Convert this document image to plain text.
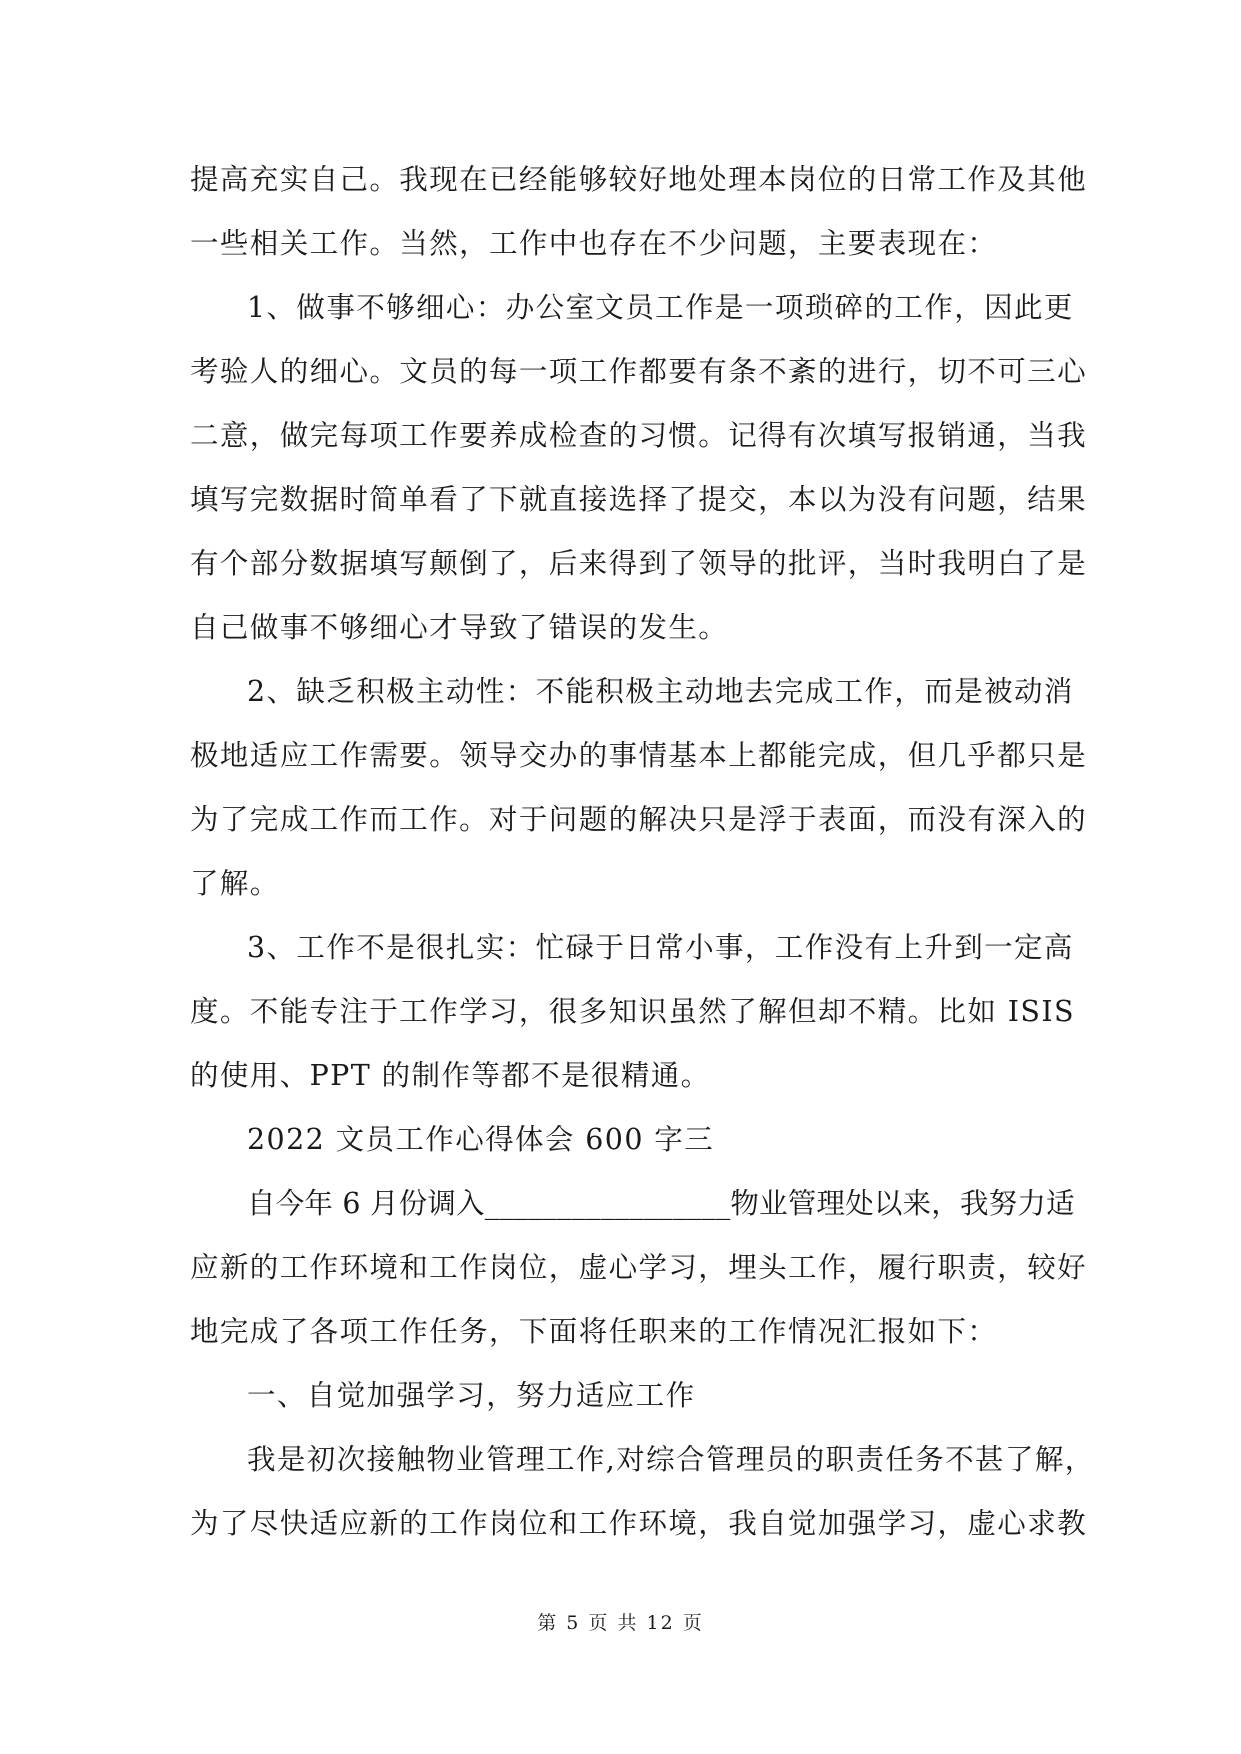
提高充实自己。我现在已经能够较好地处理本岗位的日常工作及其他
一些相关工作。当然，工作中也存在不少问题，主要表现在：
1、做事不够细心：办公室文员工作是一项琐碎的工作，因此更
考验人的细心。文员的每一项工作都要有条不紊的进行，切不可三心
二意，做完每项工作要养成检查的习惯。记得有次填写报销通，当我
填写完数据时简单看了下就直接选择了提交，本以为没有问题，结果
有个部分数据填写颠倒了，后来得到了领导的批评，当时我明白了是
自己做事不够细心才导致了错误的发生。
2、缺乏积极主动性：不能积极主动地去完成工作，而是被动消
极地适应工作需要。领导交办的事情基本上都能完成，但几乎都只是
为了完成工作而工作。对于问题的解决只是浮于表面，而没有深入的
了解。
3、工作不是很扎实：忙碌于日常小事，工作没有上升到一定高
度。不能专注于工作学习，很多知识虽然了解但却不精。比如 ISIS
的使用、PPT 的制作等都不是很精通。
2022 文员工作心得体会 600 字三
自今年 6 月份调入_________________物业管理处以来，我努力适
应新的工作环境和工作岗位，虚心学习，埋头工作，履行职责，较好
地完成了各项工作任务，下面将任职来的工作情况汇报如下：
一、自觉加强学习，努力适应工作
我是初次接触物业管理工作,对综合管理员的职责任务不甚了解，
为了尽快适应新的工作岗位和工作环境，我自觉加强学习，虚心求教
第 5 页 共 12 页
